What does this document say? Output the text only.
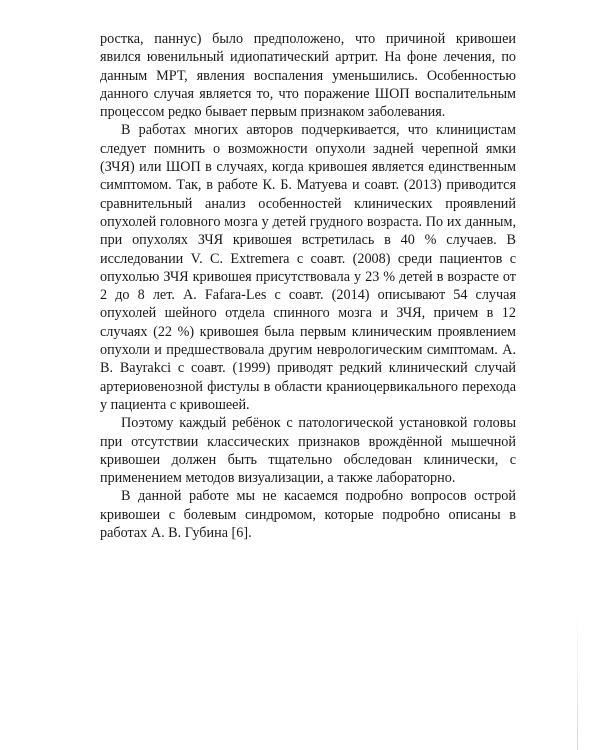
ростка, паннус) было предположено, что причиной кривошеи явился ювенильный идиопатический артрит. На фоне лечения, по данным МРТ, явления воспаления уменьшились. Особенностью данного случая является то, что поражение ШОП воспалительным процессом редко бывает первым признаком заболевания.

В работах многих авторов подчеркивается, что клиницистам следует помнить о возможности опухоли задней черепной ямки (ЗЧЯ) или ШОП в случаях, когда кривошея является единственным симптомом. Так, в работе К. Б. Матуева и соавт. (2013) приводится сравнительный анализ особенностей клинических проявлений опухолей головного мозга у детей грудного возраста. По их данным, при опухолях ЗЧЯ кривошея встретилась в 40 % случаев. В исследовании V. C. Extremera с соавт. (2008) среди пациентов с опухолью ЗЧЯ кривошея присутствовала у 23 % детей в возрасте от 2 до 8 лет. A. Fafara-Les с соавт. (2014) описывают 54 случая опухолей шейного отдела спинного мозга и ЗЧЯ, причем в 12 случаях (22 %) кривошея была первым клиническим проявлением опухоли и предшествовала другим неврологическим симптомам. А. В. Bayrakci с соавт. (1999) приводят редкий клинический случай артериовенозной фистулы в области краниоцервикального перехода у пациента с кривошеей.

Поэтому каждый ребёнок с патологической установкой головы при отсутствии классических признаков врождённой мышечной кривошеи должен быть тщательно обследован клинически, с применением методов визуализации, а также лабораторно.

В данной работе мы не касаемся подробно вопросов острой кривошеи с болевым синдромом, которые подробно описаны в работах А. В. Губина [6].
